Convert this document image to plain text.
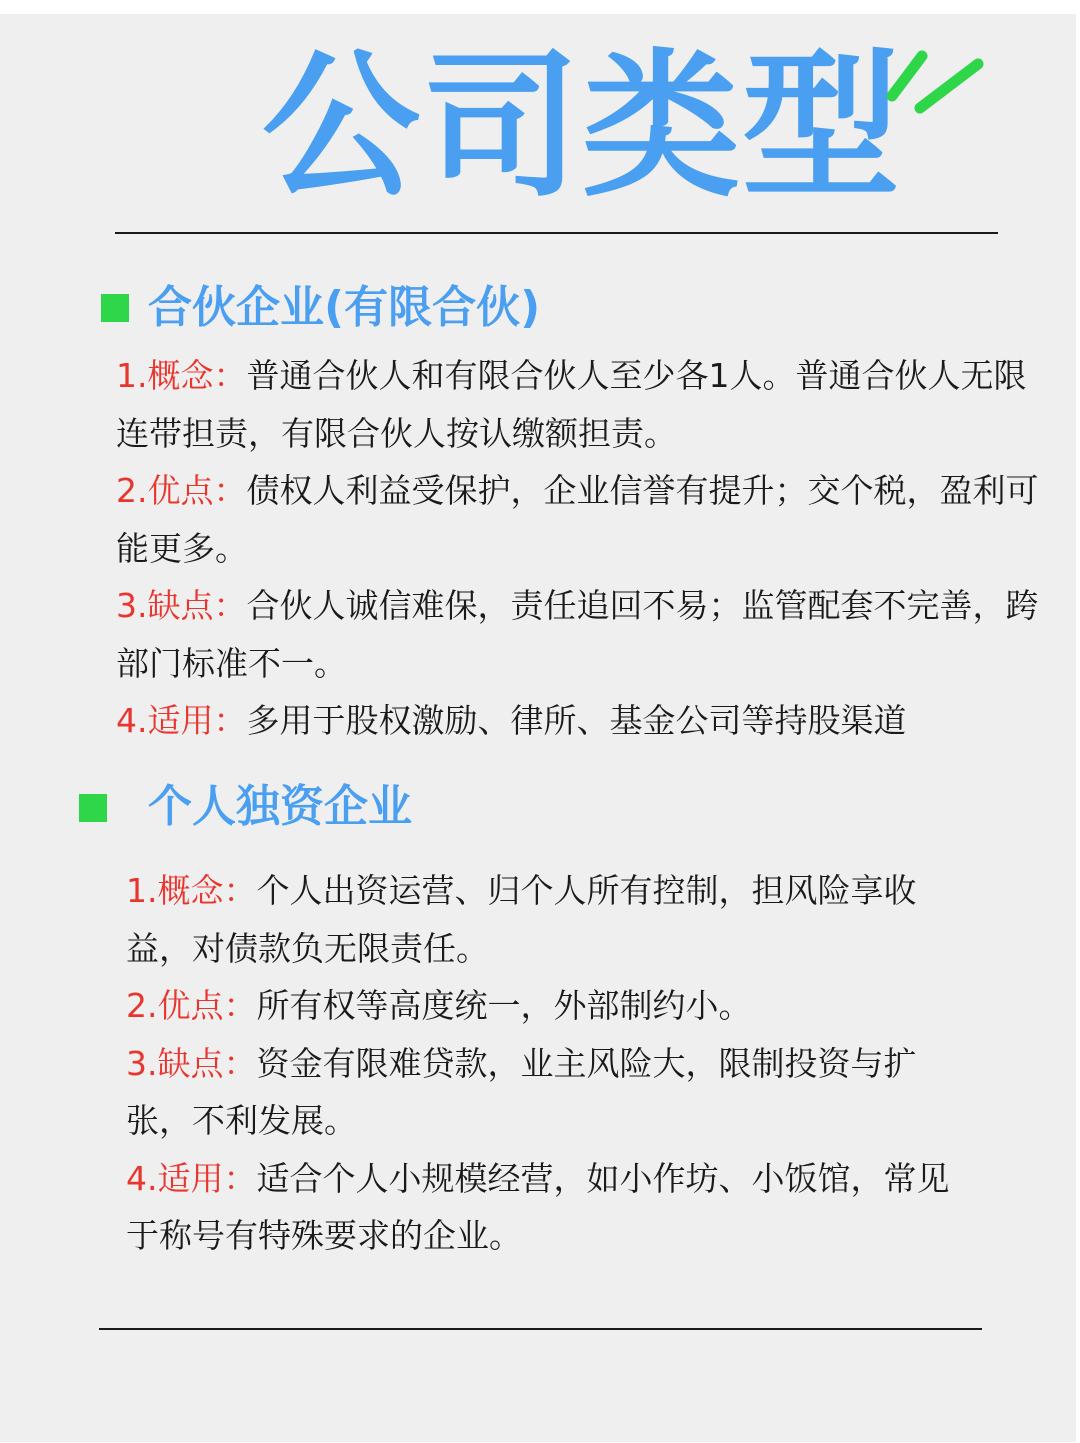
公司类型
合伙企业(有限合伙)

1.概念：普通合伙人和有限合伙人至少各1人。普通合伙人无限连带担责，有限合伙人按认缴额担责。

2.优点：债权人利益受保护，企业信誉有提升；交个税，盈利可能更多。

3.缺点：合伙人诚信难保，责任追回不易；监管配套不完善，跨部门标准不一。

4.适用：多用于股权激励、律所、基金公司等持股渠道

个人独资企业

1.概念：个人出资运营、归个人所有控制，担风险享收益，对债款负无限责任。

2.优点：所有权等高度统一，外部制约小。

3.缺点：资金有限难贷款，业主风险大，限制投资与扩张，不利发展。

4.适用：适合个人小规模经营，如小作坊、小饭馆，常见于称号有特殊要求的企业。
